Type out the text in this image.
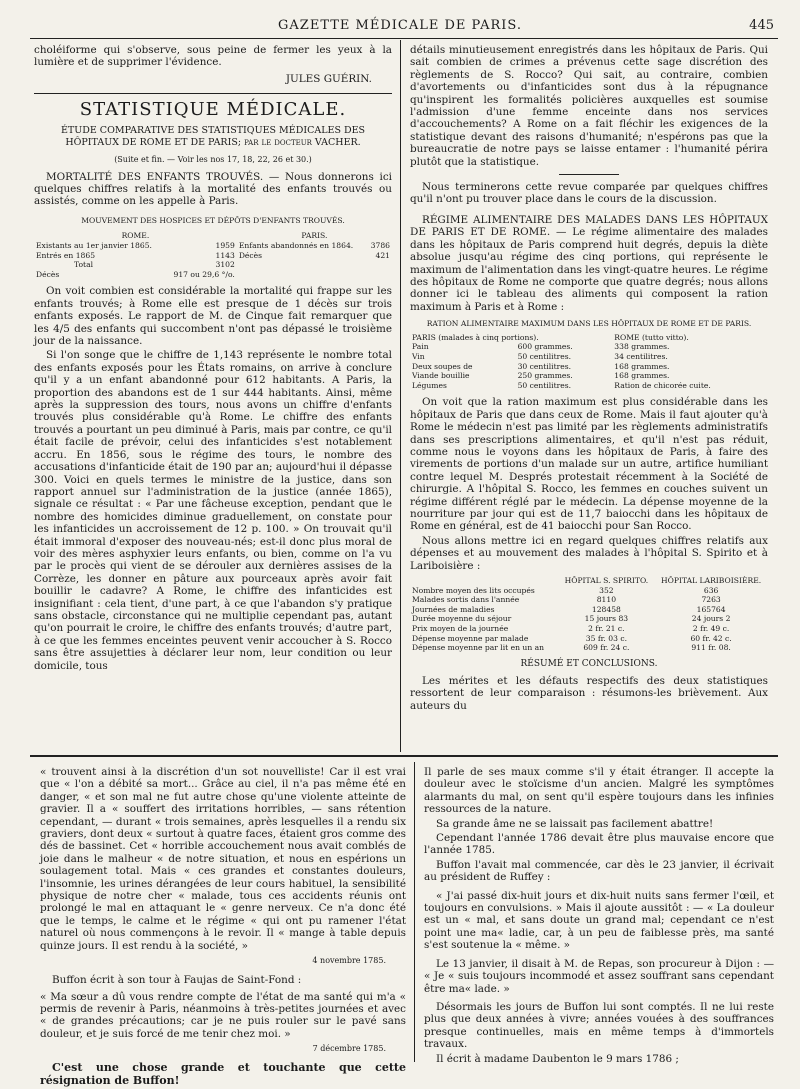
GAZETTE MÉDICALE DE PARIS.	445

choléiforme qui s'observe, sous peine de fermer les yeux à la lumière et de supprimer l'évidence.

JULES GUÉRIN.
STATISTIQUE MÉDICALE.
ÉTUDE COMPARATIVE DES STATISTIQUES MÉDICALES DES HÔPITAUX DE ROME ET DE PARIS; par le docteur VACHER.
(Suite et fin. — Voir les nos 17, 18, 22, 26 et 30.)

MORTALITÉ DES ENFANTS TROUVÉS. — Nous donnerons ici quelques chiffres relatifs à la mortalité des enfants trouvés ou assistés, comme on les appelle à Paris.

MOUVEMENT DES HOSPICES ET DÉPÔTS D'ENFANTS TROUVÉS.
ROME.		PARIS.	
Existants au 1er janvier 1865.	1959	Enfants abandonnés en 1864.	3786
Entrés en 1865	1143	Décès	421
Total	3102		
Décès	917 ou 29,6 °/o.		

On voit combien est considérable la mortalité qui frappe sur les enfants trouvés; à Rome elle est presque de 1 décès sur trois enfants exposés. Le rapport de M. de Cinque fait remarquer que les 4/5 des enfants qui succombent n'ont pas dépassé le troisième jour de la naissance.

Si l'on songe que le chiffre de 1,143 représente le nombre total des enfants exposés pour les États romains, on arrive à conclure qu'il y a un enfant abandonné pour 612 habitants. A Paris, la proportion des abandons est de 1 sur 444 habitants. Ainsi, même après la suppression des tours, nous avons un chiffre d'enfants trouvés plus considérable qu'à Rome. Le chiffre des enfants trouvés a pourtant un peu diminué à Paris, mais par contre, ce qu'il était facile de prévoir, celui des infanticides s'est notablement accru. En 1856, sous le régime des tours, le nombre des accusations d'infanticide était de 190 par an; aujourd'hui il dépasse 300. Voici en quels termes le ministre de la justice, dans son rapport annuel sur l'administration de la justice (année 1865), signale ce résultat : « Par une fâcheuse exception, pendant que le nombre des homicides diminue graduellement, on constate pour les infanticides un accroissement de 12 p. 100. » On trouvait qu'il était immoral d'exposer des nouveau-nés; est-il donc plus moral de voir des mères asphyxier leurs enfants, ou bien, comme on l'a vu par le procès qui vient de se dérouler aux dernières assises de la Corrèze, les donner en pâture aux pourceaux après avoir fait bouillir le cadavre? A Rome, le chiffre des infanticides est insignifiant : cela tient, d'une part, à ce que l'abandon s'y pratique sans obstacle, circonstance qui ne multiplie cependant pas, autant qu'on pourrait le croire, le chiffre des enfants trouvés; d'autre part, à ce que les femmes enceintes peuvent venir accoucher à S. Rocco sans être assujetties à déclarer leur nom, leur condition ou leur domicile, tous

détails minutieusement enregistrés dans les hôpitaux de Paris. Qui sait combien de crimes a prévenus cette sage discrétion des règlements de S. Rocco? Qui sait, au contraire, combien d'avortements ou d'infanticides sont dus à la répugnance qu'inspirent les formalités policières auxquelles est soumise l'admission d'une femme enceinte dans nos services d'accouchements? A Rome on a fait fléchir les exigences de la statistique devant des raisons d'humanité; n'espérons pas que la bureaucratie de notre pays se laisse entamer : l'humanité périra plutôt que la statistique.

Nous terminerons cette revue comparée par quelques chiffres qu'il n'ont pu trouver place dans le cours de la discussion.

RÉGIME ALIMENTAIRE DES MALADES DANS LES HÔPITAUX DE PARIS ET DE ROME. — Le régime alimentaire des malades dans les hôpitaux de Paris comprend huit degrés, depuis la diète absolue jusqu'au régime des cinq portions, qui représente le maximum de l'alimentation dans les vingt-quatre heures. Le régime des hôpitaux de Rome ne comporte que quatre degrés; nous allons donner ici le tableau des aliments qui composent la ration maximum à Paris et à Rome :

RATION ALIMENTAIRE MAXIMUM DANS LES HÔPITAUX DE ROME ET DE PARIS.
PARIS (malades à cinq portions).		ROME (tutto vitto).
Pain	600 grammes.	338 grammes.
Vin	50 centilitres.	34 centilitres.
Deux soupes de	30 centilitres.	168 grammes.
Viande bouillie	250 grammes.	168 grammes.
Légumes	50 centilitres.	Ration de chicorée cuite.

On voit que la ration maximum est plus considérable dans les hôpitaux de Paris que dans ceux de Rome. Mais il faut ajouter qu'à Rome le médecin n'est pas limité par les règlements administratifs dans ses prescriptions alimentaires, et qu'il n'est pas réduit, comme nous le voyons dans les hôpitaux de Paris, à faire des virements de portions d'un malade sur un autre, artifice humiliant contre lequel M. Després protestait récemment à la Société de chirurgie. A l'hôpital S. Rocco, les femmes en couches suivent un régime différent réglé par le médecin. La dépense moyenne de la nourriture par jour qui est de 11,7 baiocchi dans les hôpitaux de Rome en général, est de 41 baiocchi pour San Rocco.

Nous allons mettre ici en regard quelques chiffres relatifs aux dépenses et au mouvement des malades à l'hôpital S. Spirito et à Lariboisière :

	HÔPITAL S. SPIRITO.	HÔPITAL LARIBOISIÈRE.
Nombre moyen des lits occupés	352	636
Malades sortis dans l'année	8110	7263
Journées de maladies	128458	165764
Durée moyenne du séjour	15 jours 83	24 jours 2
Prix moyen de la journée	2 fr. 21 c.	2 fr. 49 c.
Dépense moyenne par malade	35 fr. 03 c.	60 fr. 42 c.
Dépense moyenne par lit en un an	609 fr. 24 c.	911 fr. 08.
RÉSUMÉ ET CONCLUSIONS.

Les mérites et les défauts respectifs des deux statistiques ressortent de leur comparaison : résumons-les brièvement. Aux auteurs du

« trouvent ainsi à la discrétion d'un sot nouvelliste! Car il est vrai que « l'on a débité sa mort... Grâce au ciel, il n'a pas même été en danger, « et son mal ne fut autre chose qu'une violente atteinte de gravier. Il a « souffert des irritations horribles, — sans rétention cependant, — durant « trois semaines, après lesquelles il a rendu six graviers, dont deux « surtout à quatre faces, étaient gros comme des dés de bassinet. Cet « horrible accouchement nous avait comblés de joie dans le malheur « de notre situation, et nous en espérions un soulagement total. Mais « ces grandes et constantes douleurs, l'insomnie, les urines dérangées de leur cours habituel, la sensibilité physique de notre cher « malade, tous ces accidents réunis ont prolongé le mal en attaquant le « genre nerveux. Ce n'a donc été que le temps, le calme et le régime « qui ont pu ramener l'état naturel où nous commençons à le revoir. Il « mange à table depuis quinze jours. Il est rendu à la société, »
4 novembre 1785.

Buffon écrit à son tour à Faujas de Saint-Fond :

« Ma sœur a dû vous rendre compte de l'état de ma santé qui m'a « permis de revenir à Paris, néanmoins à très-petites journées et avec « de grandes précautions; car je ne puis rouler sur le pavé sans douleur, et je suis forcé de me tenir chez moi. »
7 décembre 1785.

C'est une chose grande et touchante que cette résignation de Buffon!

Il parle de ses maux comme s'il y était étranger. Il accepte la douleur avec le stoïcisme d'un ancien. Malgré les symptômes alarmants du mal, on sent qu'il espère toujours dans les infinies ressources de la nature.

Sa grande âme ne se laissait pas facilement abattre!

Cependant l'année 1786 devait être plus mauvaise encore que l'année 1785.

Buffon l'avait mal commencée, car dès le 23 janvier, il écrivait au président de Ruffey :

« J'ai passé dix-huit jours et dix-huit nuits sans fermer l'œil, et toujours en convulsions. » Mais il ajoute aussitôt : — « La douleur est un « mal, et sans doute un grand mal; cependant ce n'est point une ma« ladie, car, à un peu de faiblesse près, ma santé s'est soutenue la « même. »

Le 13 janvier, il disait à M. de Repas, son procureur à Dijon : — « Je « suis toujours incommodé et assez souffrant sans cependant être ma« lade. »

Désormais les jours de Buffon lui sont comptés. Il ne lui reste plus que deux années à vivre; années vouées à des souffrances presque continuelles, mais en même temps à d'immortels travaux.

Il écrit à madame Daubenton le 9 mars 1786 ;
